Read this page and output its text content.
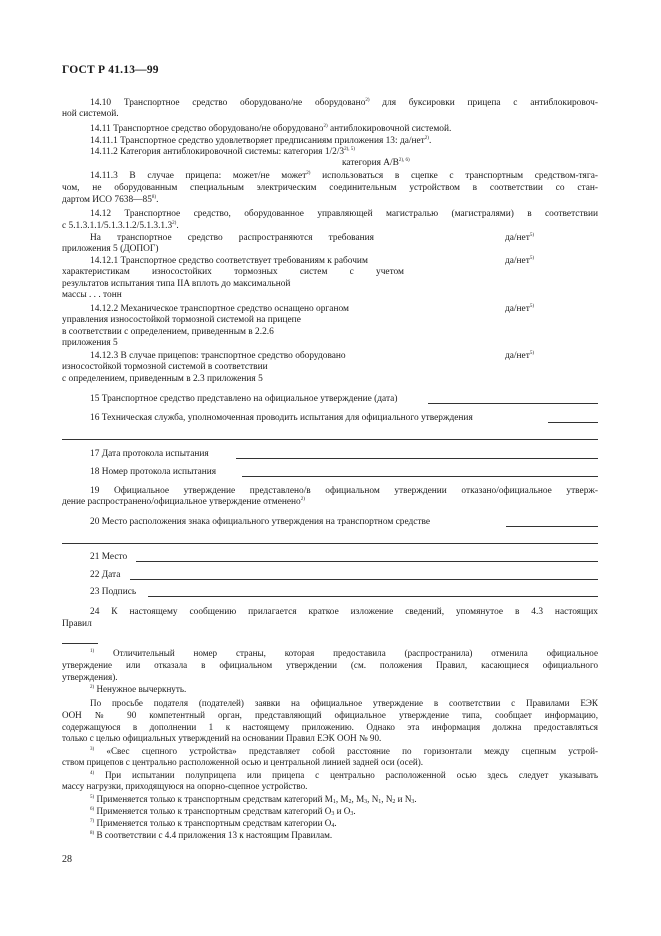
ГОСТ Р 41.13—99
14.10 Транспортное средство оборудовано/не оборудовано$^{2)}$ для буксировки прицепа с антиблокировоч-
ной системой.
14.11 Транспортное средство оборудовано/не оборудовано$^{2)}$ антиблокировочной системой.
14.11.1 Транспортное средство удовлетворяет предписаниям приложения 13: да/нет$^{2)}$.
14.11.2 Категория антиблокировочной системы: категория $1/2/3^{2), 5)}$
категория $A/B^{2), 6)}$
14.11.3 В случае прицепа: может/не может$^{2)}$ использоваться в сцепке с транспортным средством-тяга-
чом, не оборудованным специальным электрическим соединительным устройством в соответствии со стан-
дартом ИСО 7638—85$^{8)}$.
14.12 Транспортное средство, оборудованное управляющей магистралью (магистралями) в соответствии
с 5.1.3.1.1/5.1.3.1.2/5.1.3.1.3$^{2)}$.
На транспортное средство распространяются требования
приложения 5 (ДОПОГ)
да/нет$^{5)}$
14.12.1 Транспортное средство соответствует требованиям к рабочим
характеристикам износостойких тормозных систем с учетом
результатов испытания типа IIA вплоть до максимальной
массы . . . тонн
да/нет$^{5)}$
14.12.2 Механическое транспортное средство оснащено органом
управления износостойкой тормозной системой на прицепе
в соответствии с определением, приведенным в 2.2.6
приложения 5
да/нет$^{5)}$
14.12.3 В случае прицепов: транспортное средство оборудовано
износостойкой тормозной системой в соответствии
с определением, приведенным в 2.3 приложения 5
да/нет$^{5)}$
15 Транспортное средство представлено на официальное утверждение (дата)
16 Техническая служба, уполномоченная проводить испытания для официального утверждения
17 Дата протокола испытания
18 Номер протокола испытания
19 Официальное утверждение представлено/в официальном утверждении отказано/официальное утверж-
дение распространено/официальное утверждение отменено$^{2)}$
20 Место расположения знака официального утверждения на транспортном средстве
21 Место
22 Дата
23 Подпись
24 К настоящему сообщению прилагается краткое изложение сведений, упомянутое в 4.3 настоящих
Правил
$^{1)}$ Отличительный номер страны, которая предоставила (распространила) отменила официальное
утверждение или отказала в официальном утверждении (см. положения Правил, касающиеся официального
утверждения).
$^{2)}$ Ненужное вычеркнуть.
По просьбе подателя (подателей) заявки на официальное утверждение в соответствии с Правилами ЕЭК
ООН № 90 компетентный орган, представляющий официальное утверждение типа, сообщает информацию,
содержащуюся в дополнении 1 к настоящему приложению. Однако эта информация должна предоставляться
только с целью официальных утверждений на основании Правил ЕЭК ООН № 90.
$^{3)}$ «Свес сцепного устройства» представляет собой расстояние по горизонтали между сцепным устрой-
ством прицепов с центрально расположенной осью и центральной линией задней оси (осей).
$^{4)}$ При испытании полуприцепа или прицепа с центрально расположенной осью здесь следует указывать
массу нагрузки, приходящуюся на опорно-сцепное устройство.
$^{5)}$ Применяется только к транспортным средствам категорий $M_1$, $M_2$, $M_3$, $N_1$, $N_2$ и $N_3$.
$^{6)}$ Применяется только к транспортным средствам категорий $O_3$ и $O_3$.
$^{7)}$ Применяется только к транспортным средствам категории $O_4$.
$^{8)}$ В соответствии с 4.4 приложения 13 к настоящим Правилам.
28
